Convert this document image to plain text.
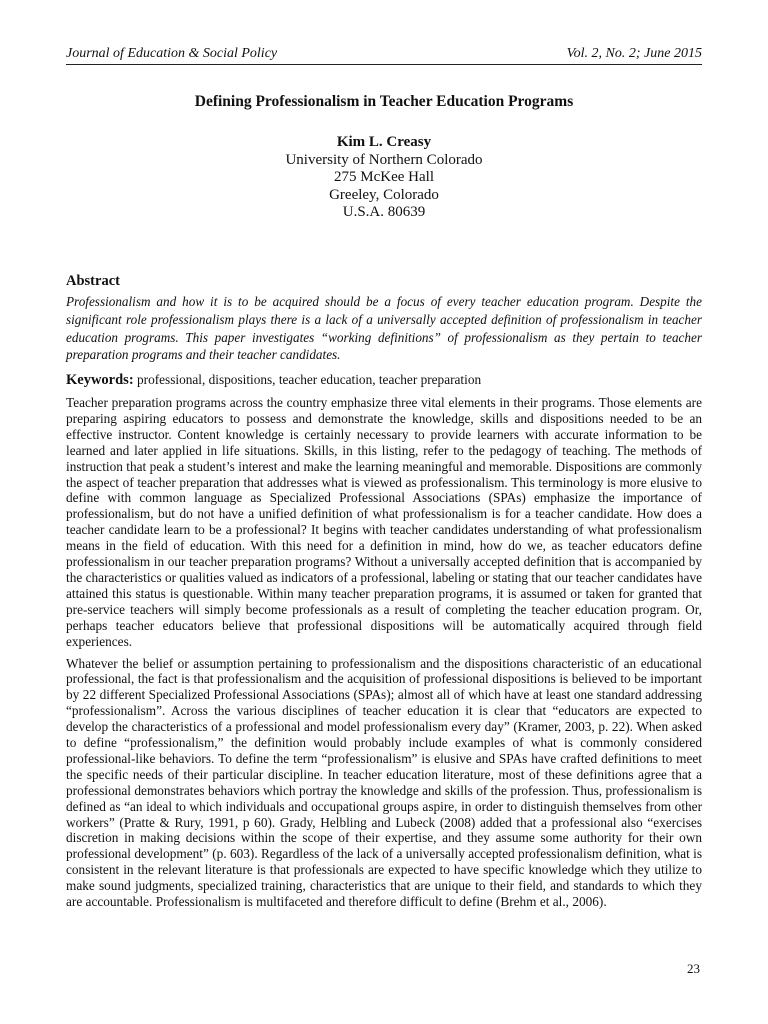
Journal of Education & Social Policy	Vol. 2, No. 2; June 2015
Defining Professionalism in Teacher Education Programs
Kim L. Creasy
University of Northern Colorado
275 McKee Hall
Greeley, Colorado
U.S.A. 80639
Abstract

Professionalism and how it is to be acquired should be a focus of every teacher education program. Despite the significant role professionalism plays there is a lack of a universally accepted definition of professionalism in teacher education programs. This paper investigates “working definitions” of professionalism as they pertain to teacher preparation programs and their teacher candidates.

Keywords: professional, dispositions, teacher education, teacher preparation

Teacher preparation programs across the country emphasize three vital elements in their programs. Those elements are preparing aspiring educators to possess and demonstrate the knowledge, skills and dispositions needed to be an effective instructor. Content knowledge is certainly necessary to provide learners with accurate information to be learned and later applied in life situations. Skills, in this listing, refer to the pedagogy of teaching. The methods of instruction that peak a student’s interest and make the learning meaningful and memorable. Dispositions are commonly the aspect of teacher preparation that addresses what is viewed as professionalism. This terminology is more elusive to define with common language as Specialized Professional Associations (SPAs) emphasize the importance of professionalism, but do not have a unified definition of what professionalism is for a teacher candidate. How does a teacher candidate learn to be a professional? It begins with teacher candidates understanding of what professionalism means in the field of education. With this need for a definition in mind, how do we, as teacher educators define professionalism in our teacher preparation programs? Without a universally accepted definition that is accompanied by the characteristics or qualities valued as indicators of a professional, labeling or stating that our teacher candidates have attained this status is questionable. Within many teacher preparation programs, it is assumed or taken for granted that pre-service teachers will simply become professionals as a result of completing the teacher education program. Or, perhaps teacher educators believe that professional dispositions will be automatically acquired through field experiences.

Whatever the belief or assumption pertaining to professionalism and the dispositions characteristic of an educational professional, the fact is that professionalism and the acquisition of professional dispositions is believed to be important by 22 different Specialized Professional Associations (SPAs); almost all of which have at least one standard addressing “professionalism”. Across the various disciplines of teacher education it is clear that “educators are expected to develop the characteristics of a professional and model professionalism every day” (Kramer, 2003, p. 22). When asked to define “professionalism,” the definition would probably include examples of what is commonly considered professional-like behaviors. To define the term “professionalism” is elusive and SPAs have crafted definitions to meet the specific needs of their particular discipline. In teacher education literature, most of these definitions agree that a professional demonstrates behaviors which portray the knowledge and skills of the profession. Thus, professionalism is defined as “an ideal to which individuals and occupational groups aspire, in order to distinguish themselves from other workers” (Pratte & Rury, 1991, p 60). Grady, Helbling and Lubeck (2008) added that a professional also “exercises discretion in making decisions within the scope of their expertise, and they assume some authority for their own professional development” (p. 603). Regardless of the lack of a universally accepted professionalism definition, what is consistent in the relevant literature is that professionals are expected to have specific knowledge which they utilize to make sound judgments, specialized training, characteristics that are unique to their field, and standards to which they are accountable. Professionalism is multifaceted and therefore difficult to define (Brehm et al., 2006).

23
